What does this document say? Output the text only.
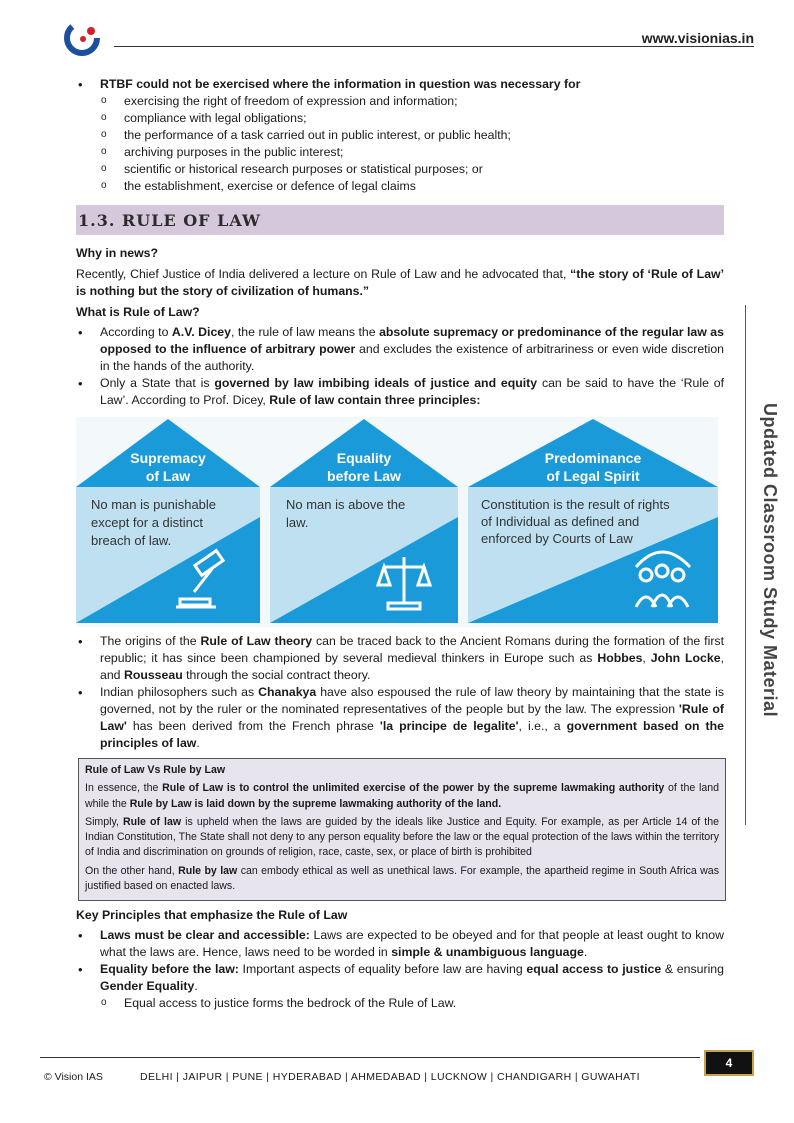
www.visionias.in
Updated Classroom Study Material

• RTBF could not be exercised where the information in question was necessary for

o exercising the right of freedom of expression and information;

o compliance with legal obligations;

o the performance of a task carried out in public interest, or public health;

o archiving purposes in the public interest;

o scientific or historical research purposes or statistical purposes; or

o the establishment, exercise or defence of legal claims

1.3. RULE OF LAW

Why in news?

Recently, Chief Justice of India delivered a lecture on Rule of Law and he advocated that, “the story of ‘Rule of Law’ is nothing but the story of civilization of humans.”

What is Rule of Law?

• According to A.V. Dicey, the rule of law means the absolute supremacy or predominance of the regular law as opposed to the influence of arbitrary power and excludes the existence of arbitrariness or even wide discretion in the hands of the authority.

• Only a State that is governed by law imbibing ideals of justice and equity can be said to have the ‘Rule of Law’. According to Prof. Dicey, Rule of law contain three principles:

Supremacy
of Law
No man is punishable
except for a distinct
breach of law.
Equality
before Law
No man is above the
law.
Predominance
of Legal Spirit
Constitution is the result of rights
of Individual as defined and
enforced by Courts of Law

• The origins of the Rule of Law theory can be traced back to the Ancient Romans during the formation of the first republic; it has since been championed by several medieval thinkers in Europe such as Hobbes, John Locke, and Rousseau through the social contract theory.

• Indian philosophers such as Chanakya have also espoused the rule of law theory by maintaining that the state is governed, not by the ruler or the nominated representatives of the people but by the law. The expression 'Rule of Law' has been derived from the French phrase 'la principe de legalite', i.e., a government based on the principles of law.

Rule of Law Vs Rule by Law

In essence, the Rule of Law is to control the unlimited exercise of the power by the supreme lawmaking authority of the land while the Rule by Law is laid down by the supreme lawmaking authority of the land.

Simply, Rule of law is upheld when the laws are guided by the ideals like Justice and Equity. For example, as per Article 14 of the Indian Constitution, The State shall not deny to any person equality before the law or the equal protection of the laws within the territory of India and discrimination on grounds of religion, race, caste, sex, or place of birth is prohibited

On the other hand, Rule by law can embody ethical as well as unethical laws. For example, the apartheid regime in South Africa was justified based on enacted laws.

Key Principles that emphasize the Rule of Law

• Laws must be clear and accessible: Laws are expected to be obeyed and for that people at least ought to know what the laws are. Hence, laws need to be worded in simple & unambiguous language.

• Equality before the law: Important aspects of equality before law are having equal access to justice & ensuring Gender Equality.

o Equal access to justice forms the bedrock of the Rule of Law.

4
© Vision IAS	DELHI | JAIPUR | PUNE | HYDERABAD | AHMEDABAD | LUCKNOW | CHANDIGARH | GUWAHATI
